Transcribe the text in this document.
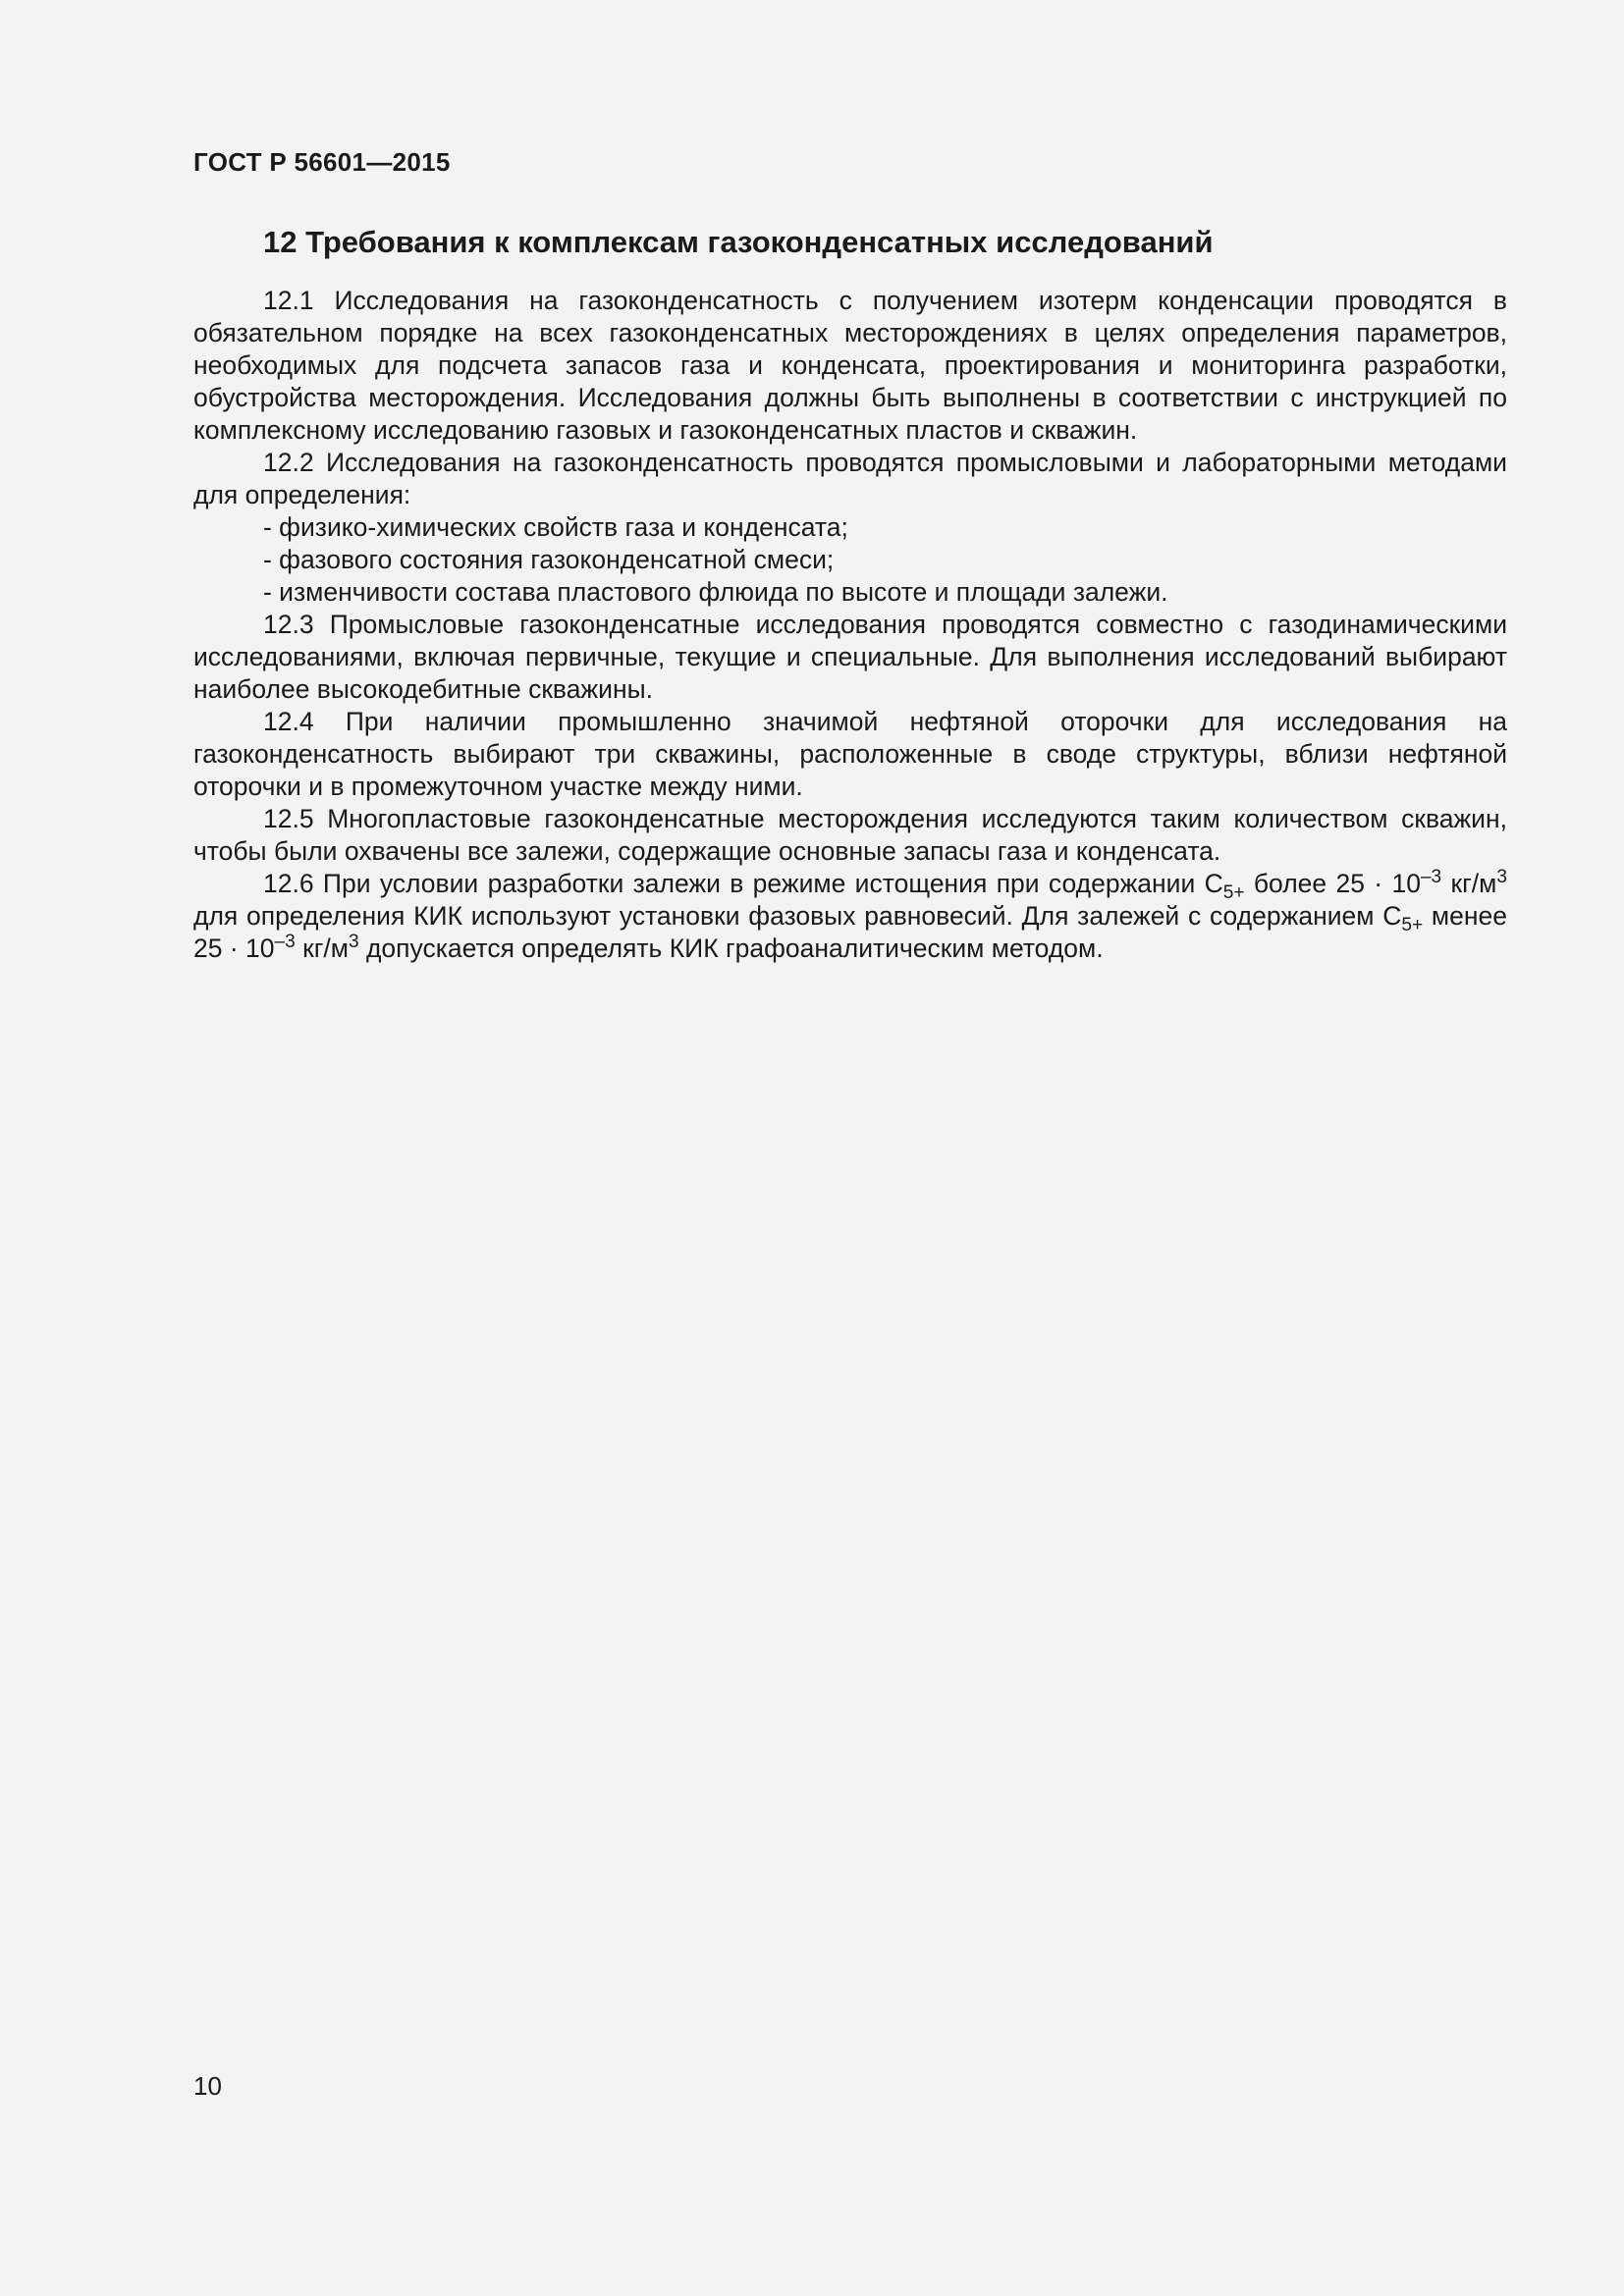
ГОСТ Р 56601—2015
12 Требования к комплексам газоконденсатных исследований

12.1 Исследования на газоконденсатность с получением изотерм конденсации проводятся в обязательном порядке на всех газоконденсатных месторождениях в целях определения параметров, необходимых для подсчета запасов газа и конденсата, проектирования и мониторинга разработки, обустройства месторождения. Исследования должны быть выполнены в соответствии с инструкцией по комплексному исследованию газовых и газоконденсатных пластов и скважин.

12.2 Исследования на газоконденсатность проводятся промысловыми и лабораторными методами для определения:

- физико-химических свойств газа и конденсата;

- фазового состояния газоконденсатной смеси;

- изменчивости состава пластового флюида по высоте и площади залежи.

12.3 Промысловые газоконденсатные исследования проводятся совместно с газодинамическими исследованиями, включая первичные, текущие и специальные. Для выполнения исследований выбирают наиболее высокодебитные скважины.

12.4 При наличии промышленно значимой нефтяной оторочки для исследования на газоконденсатность выбирают три скважины, расположенные в своде структуры, вблизи нефтяной оторочки и в промежуточном участке между ними.

12.5 Многопластовые газоконденсатные месторождения исследуются таким количеством скважин, чтобы были охвачены все залежи, содержащие основные запасы газа и конденсата.

12.6 При условии разработки залежи в режиме истощения при содержании $C_{5+}$ более $25 \cdot 10^{-3}$ $кг/м^3$ для определения КИК используют установки фазовых равновесий. Для залежей с содержанием $C_{5+}$ менее $25 \cdot 10^{-3}$ $кг/м^3$ допускается определять КИК графоаналитическим методом.

10
